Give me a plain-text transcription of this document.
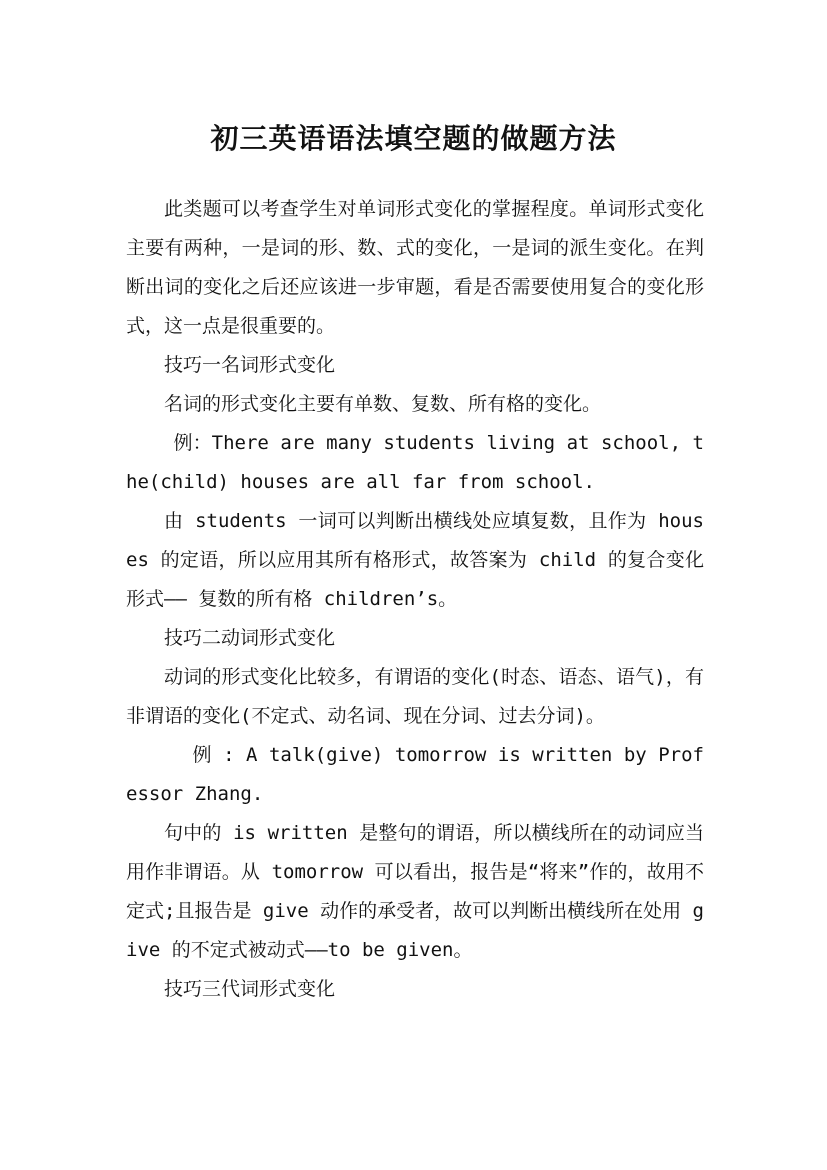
初三英语语法填空题的做题方法

此类题可以考查学生对单词形式变化的掌握程度。单词形式变化主要有两种，一是词的形、数、式的变化，一是词的派生变化。在判断出词的变化之后还应该进一步审题，看是否需要使用复合的变化形式，这一点是很重要的。

技巧一名词形式变化

名词的形式变化主要有单数、复数、所有格的变化。

例：There are many students living at school, the(child) houses are all far from school.

由 students 一词可以判断出横线处应填复数，且作为 houses 的定语，所以应用其所有格形式，故答案为 child 的复合变化形式—— 复数的所有格 children’s。

技巧二动词形式变化

动词的形式变化比较多，有谓语的变化(时态、语态、语气)，有非谓语的变化(不定式、动名词、现在分词、过去分词)。

例 : A talk(give) tomorrow is written by Professor Zhang.

句中的 is written 是整句的谓语，所以横线所在的动词应当用作非谓语。从 tomorrow 可以看出，报告是“将来”作的，故用不定式;且报告是 give 动作的承受者，故可以判断出横线所在处用 give 的不定式被动式——to be given。

技巧三代词形式变化
